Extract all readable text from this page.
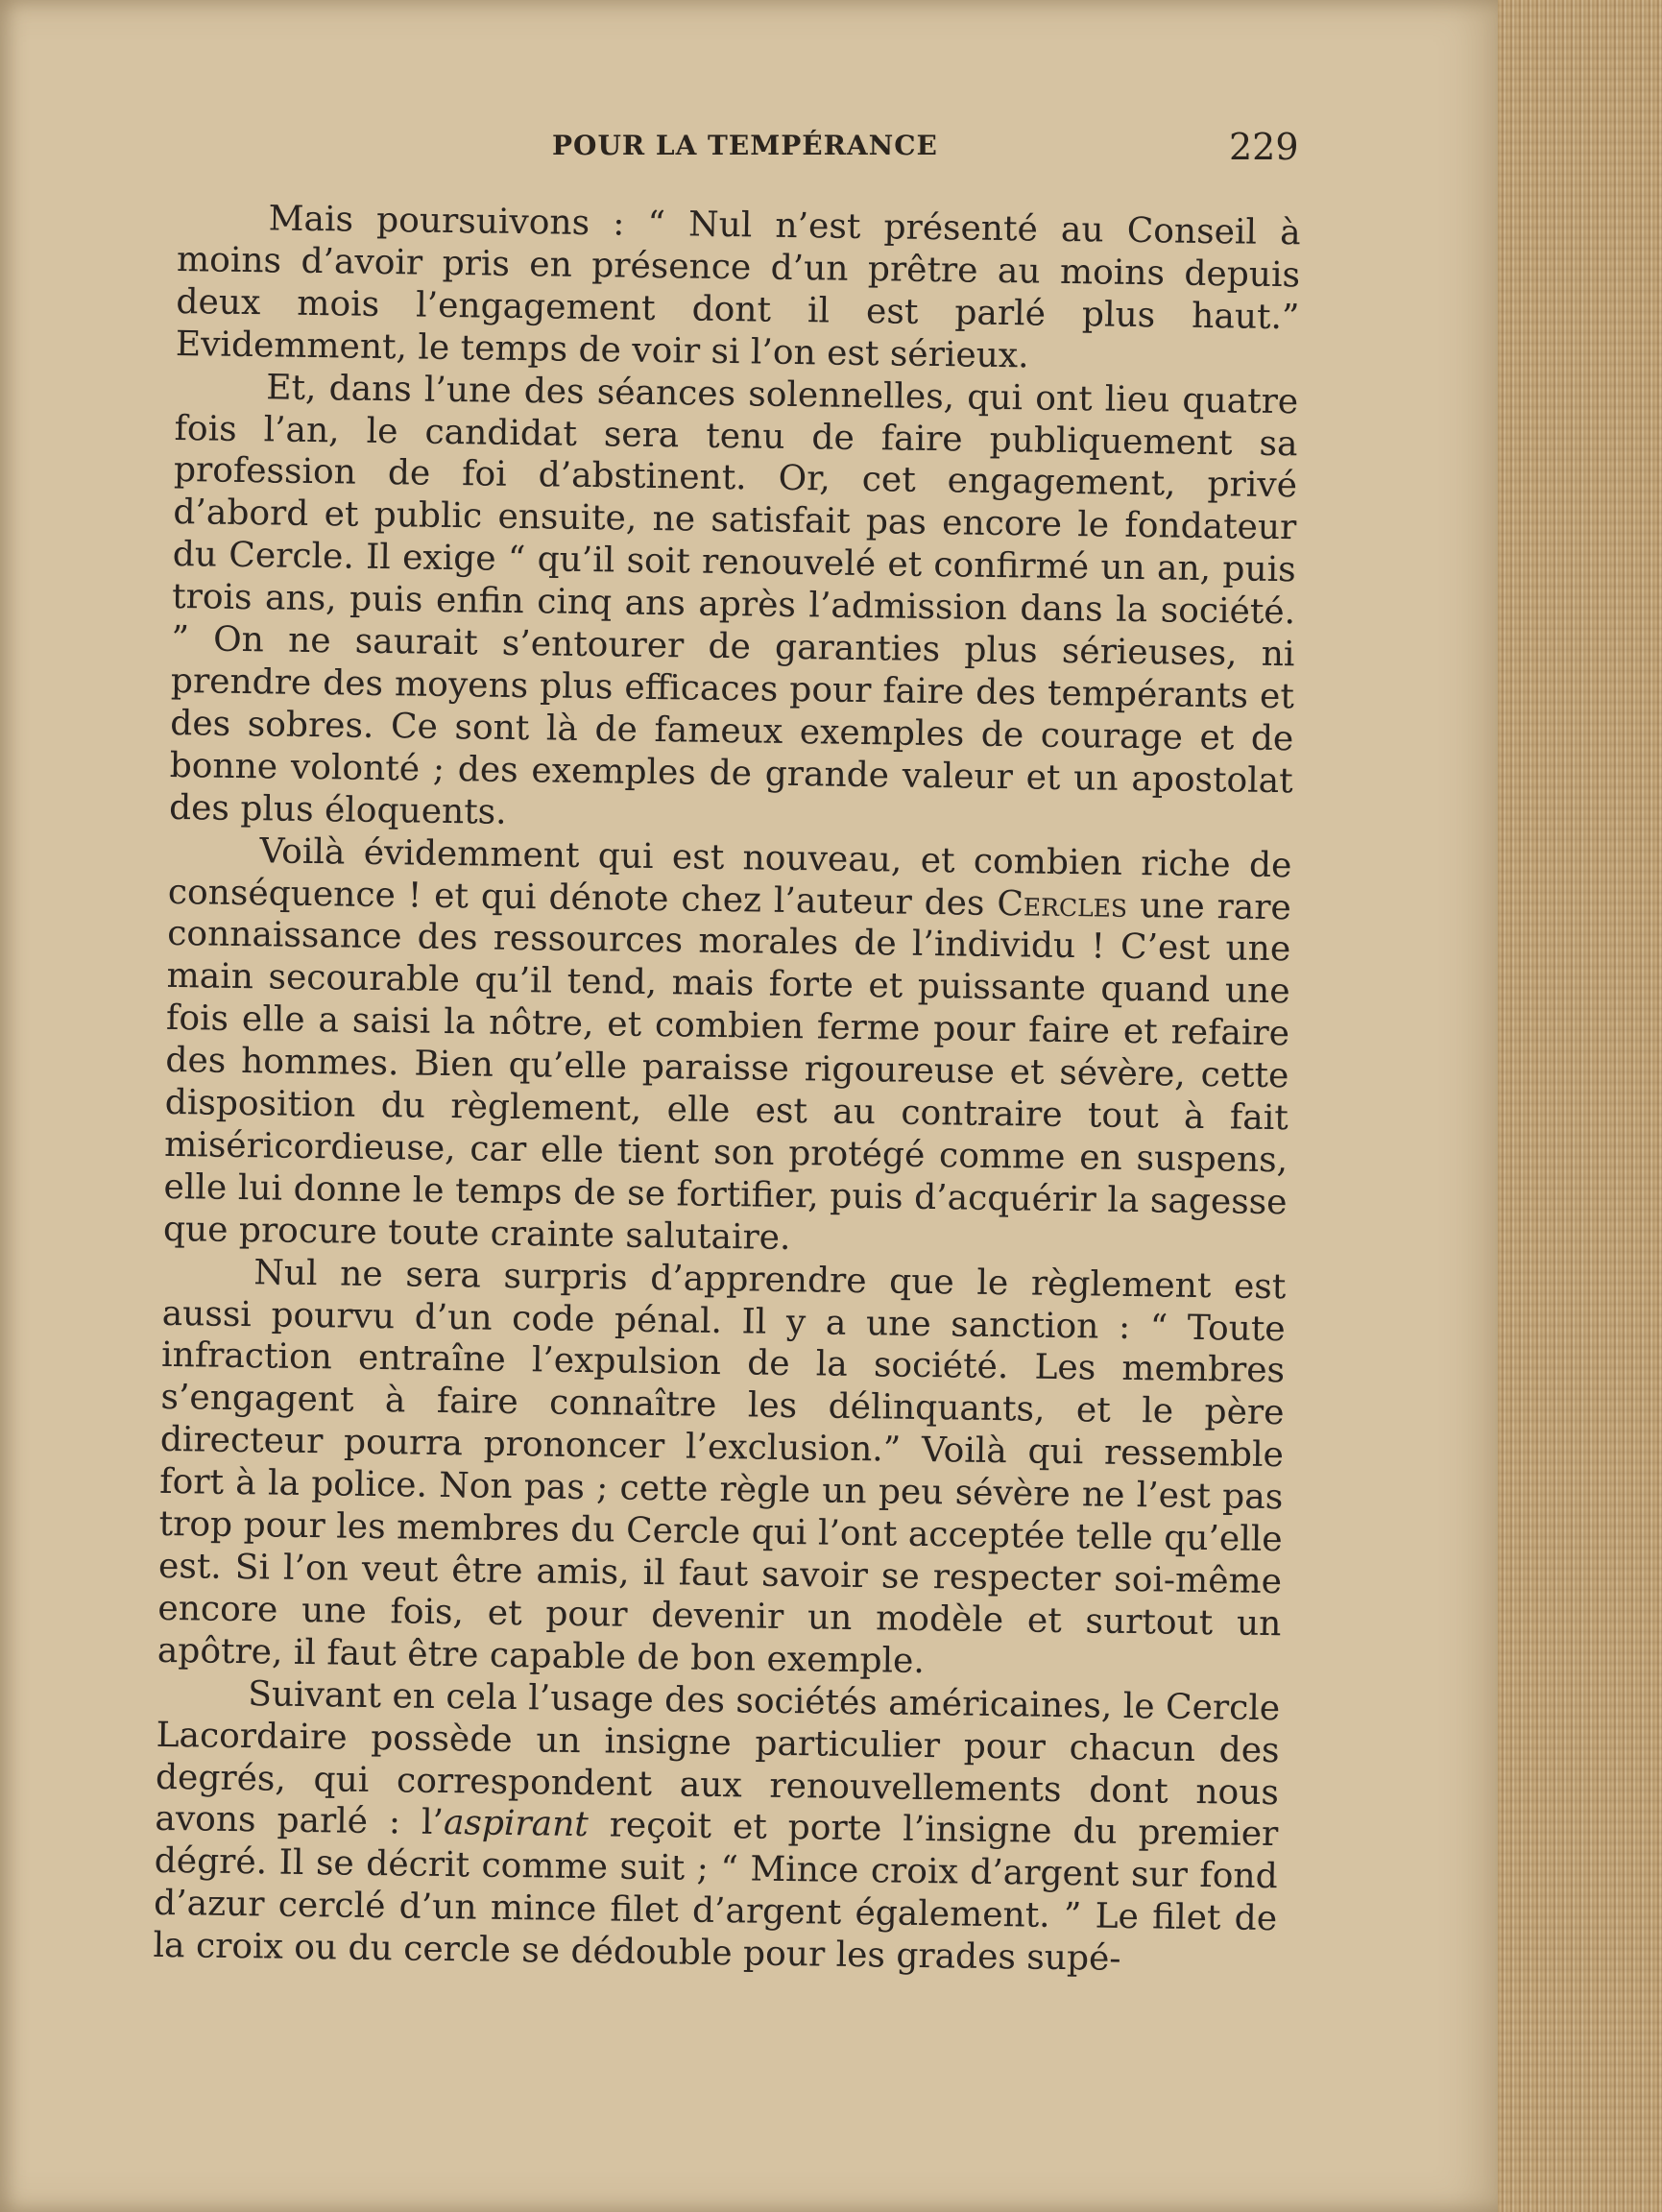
POUR LA TEMPÉRANCE	229

Mais poursuivons : “ Nul n’est présenté au Conseil à moins d’avoir pris en présence d’un prêtre au moins depuis deux mois l’engagement dont il est parlé plus haut.” Evidemment, le temps de voir si l’on est sérieux.

Et, dans l’une des séances solennelles, qui ont lieu quatre fois l’an, le candidat sera tenu de faire publiquement sa profession de foi d’abstinent. Or, cet engagement, privé d’abord et public ensuite, ne satisfait pas encore le fondateur du Cercle. Il exige “ qu’il soit renouvelé et confirmé un an, puis trois ans, puis enfin cinq ans après l’admission dans la société. ” On ne saurait s’entourer de garanties plus sérieuses, ni prendre des moyens plus efficaces pour faire des tempérants et des sobres. Ce sont là de fameux exemples de courage et de bonne volonté ; des exemples de grande valeur et un apostolat des plus éloquents.

Voilà évidemment qui est nouveau, et combien riche de conséquence ! et qui dénote chez l’auteur des Cercles une rare connaissance des ressources morales de l’individu ! C’est une main secourable qu’il tend, mais forte et puissante quand une fois elle a saisi la nôtre, et combien ferme pour faire et refaire des hommes. Bien qu’elle paraisse rigoureuse et sévère, cette disposition du règlement, elle est au contraire tout à fait miséricordieuse, car elle tient son protégé comme en suspens, elle lui donne le temps de se fortifier, puis d’acquérir la sagesse que procure toute crainte salutaire.

Nul ne sera surpris d’apprendre que le règlement est aussi pourvu d’un code pénal. Il y a une sanction : “ Toute infraction entraîne l’expulsion de la société. Les membres s’engagent à faire connaître les délinquants, et le père directeur pourra prononcer l’exclusion.” Voilà qui ressemble fort à la police. Non pas ; cette règle un peu sévère ne l’est pas trop pour les membres du Cercle qui l’ont acceptée telle qu’elle est. Si l’on veut être amis, il faut savoir se respecter soi-même encore une fois, et pour devenir un modèle et surtout un apôtre, il faut être capable de bon exemple.

Suivant en cela l’usage des sociétés américaines, le Cercle Lacordaire possède un insigne particulier pour chacun des degrés, qui correspondent aux renouvellements dont nous avons parlé : l’aspirant reçoit et porte l’insigne du premier dégré. Il se décrit comme suit ; “ Mince croix d’argent sur fond d’azur cerclé d’un mince filet d’argent également. ” Le filet de la croix ou du cercle se dédouble pour les grades supé-
